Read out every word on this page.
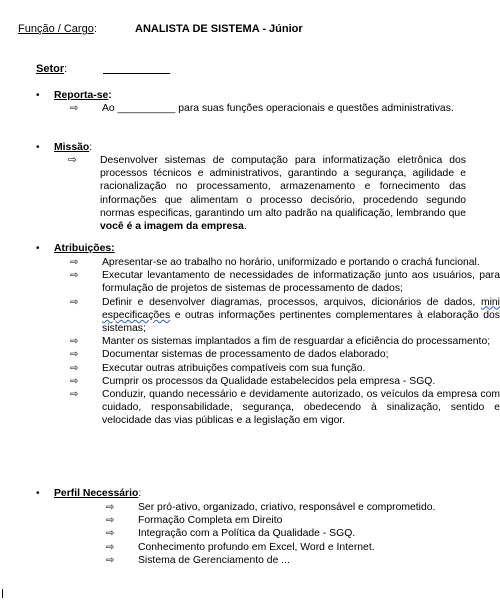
Função / Cargo:	ANALISTA DE SISTEMA - Júnior
Setor:

• Reporta-se:
⇨ Ao __________ para suas funções operacionais e questões administrativas.
• Missão:
⇨	Desenvolver sistemas de computação para informatização eletrônica dos processos técnicos e administrativos, garantindo a segurança, agilidade e racionalização no processamento, armazenamento e fornecimento das informações que alimentam o processo decisório, procedendo segundo normas especificas, garantindo um alto padrão na qualificação, lembrando que você é a imagem da empresa.
• Atribuições:
⇨ Apresentar-se ao trabalho no horário, uniformizado e portando o crachá funcional.
⇨ Executar levantamento de necessidades de informatização junto aos usuários, para formulação de projetos de sistemas de processamento de dados;
⇨ Definir e desenvolver diagramas, processos, arquivos, dicionários de dados, mini especificações e outras informações pertinentes complementares à elaboração dos sistemas;
⇨ Manter os sistemas implantados a fim de resguardar a eficiência do processamento;
⇨ Documentar sistemas de processamento de dados elaborado;
⇨ Executar outras atribuições compatíveis com sua função.
⇨ Cumprir os processos da Qualidade estabelecidos pela empresa - SGQ.
⇨ Conduzir, quando necessário e devidamente autorizado, os veículos da empresa com cuidado, responsabilidade, segurança, obedecendo à sinalização, sentido e velocidade das vias públicas e a legislação em vigor.
• Perfil Necessário:
⇨ Ser pró-ativo, organizado, criativo, responsável e comprometido.
⇨ Formação Completa em Direito
⇨ Integração com a Política da Qualidade - SGQ.
⇨ Conhecimento profundo em Excel, Word e Internet.
⇨ Sistema de Gerenciamento de ...
